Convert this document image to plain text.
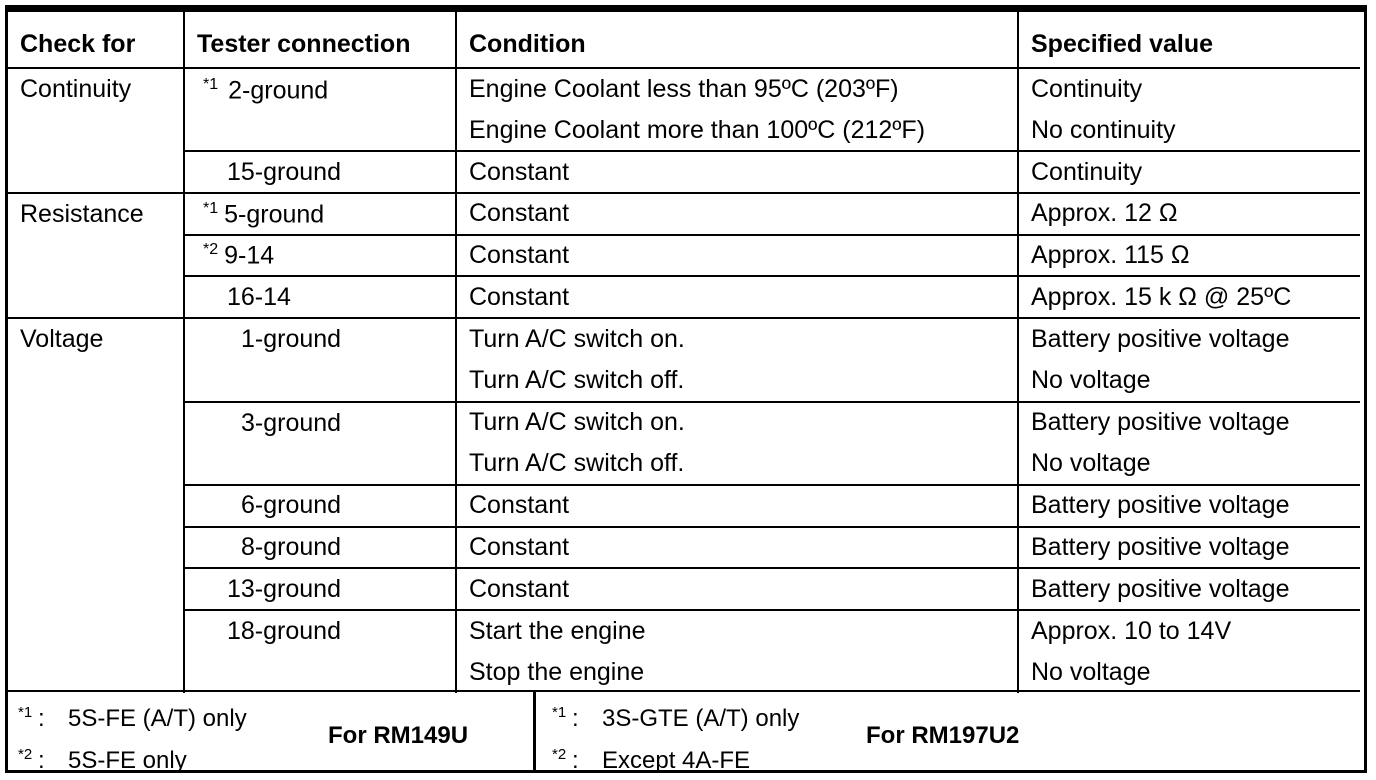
Check for	Tester connection	Condition	Specified value
Continuity	$^{*1}$ 2-ground	Engine Coolant less than 95ºC (203ºF)	Continuity
		Engine Coolant more than 100ºC (212ºF)	No continuity
	15-ground	Constant	Continuity
Resistance	$^{*1}$ 5-ground	Constant	Approx. 12 Ω
	$^{*2}$ 9-14	Constant	Approx. 115 Ω
	16-14	Constant	Approx. 15 k Ω @ 25ºC
Voltage	1-ground	Turn A/C switch on.	Battery positive voltage
		Turn A/C switch off.	No voltage
	3-ground	Turn A/C switch on.	Battery positive voltage
		Turn A/C switch off.	No voltage
	6-ground	Constant	Battery positive voltage
	8-ground	Constant	Battery positive voltage
	13-ground	Constant	Battery positive voltage
	18-ground	Start the engine	Approx. 10 to 14V
		Stop the engine	No voltage
*1 : 5S-FE (A/T) only
*2 : 5S-FE only
For RM149U
*1 : 3S-GTE (A/T) only
*2 : Except 4A-FE
For RM197U2
